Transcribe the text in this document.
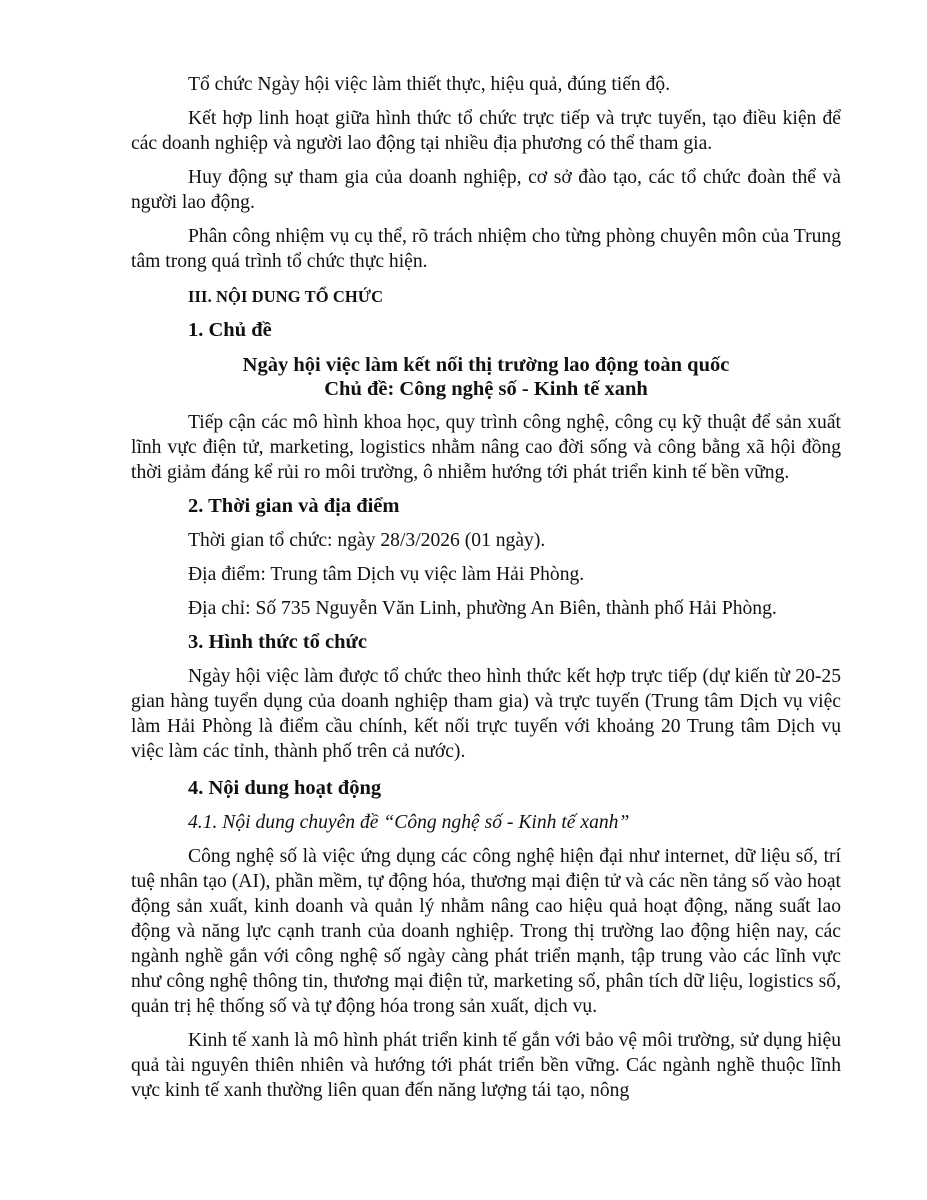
Tổ chức Ngày hội việc làm thiết thực, hiệu quả, đúng tiến độ.

Kết hợp linh hoạt giữa hình thức tổ chức trực tiếp và trực tuyến, tạo điều kiện để các doanh nghiệp và người lao động tại nhiều địa phương có thể tham gia.

Huy động sự tham gia của doanh nghiệp, cơ sở đào tạo, các tổ chức đoàn thể và người lao động.

Phân công nhiệm vụ cụ thể, rõ trách nhiệm cho từng phòng chuyên môn của Trung tâm trong quá trình tổ chức thực hiện.

III. NỘI DUNG TỔ CHỨC
1. Chủ đề
Ngày hội việc làm kết nối thị trường lao động toàn quốc
Chủ đề: Công nghệ số - Kinh tế xanh

Tiếp cận các mô hình khoa học, quy trình công nghệ, công cụ kỹ thuật để sản xuất lĩnh vực điện tử, marketing, logistics nhằm nâng cao đời sống và công bằng xã hội đồng thời giảm đáng kể rủi ro môi trường, ô nhiễm hướng tới phát triển kinh tế bền vững.

2. Thời gian và địa điểm

Thời gian tổ chức: ngày 28/3/2026 (01 ngày).

Địa điểm: Trung tâm Dịch vụ việc làm Hải Phòng.

Địa chỉ: Số 735 Nguyễn Văn Linh, phường An Biên, thành phố Hải Phòng.

3. Hình thức tổ chức

Ngày hội việc làm được tổ chức theo hình thức kết hợp trực tiếp (dự kiến từ 20-25 gian hàng tuyển dụng của doanh nghiệp tham gia) và trực tuyến (Trung tâm Dịch vụ việc làm Hải Phòng là điểm cầu chính, kết nối trực tuyến với khoảng 20 Trung tâm Dịch vụ việc làm các tỉnh, thành phố trên cả nước).

4. Nội dung hoạt động
4.1. Nội dung chuyên đề “Công nghệ số - Kinh tế xanh”

Công nghệ số là việc ứng dụng các công nghệ hiện đại như internet, dữ liệu số, trí tuệ nhân tạo (AI), phần mềm, tự động hóa, thương mại điện tử và các nền tảng số vào hoạt động sản xuất, kinh doanh và quản lý nhằm nâng cao hiệu quả hoạt động, năng suất lao động và năng lực cạnh tranh của doanh nghiệp. Trong thị trường lao động hiện nay, các ngành nghề gắn với công nghệ số ngày càng phát triển mạnh, tập trung vào các lĩnh vực như công nghệ thông tin, thương mại điện tử, marketing số, phân tích dữ liệu, logistics số, quản trị hệ thống số và tự động hóa trong sản xuất, dịch vụ.

Kinh tế xanh là mô hình phát triển kinh tế gắn với bảo vệ môi trường, sử dụng hiệu quả tài nguyên thiên nhiên và hướng tới phát triển bền vững. Các ngành nghề thuộc lĩnh vực kinh tế xanh thường liên quan đến năng lượng tái tạo, nông
